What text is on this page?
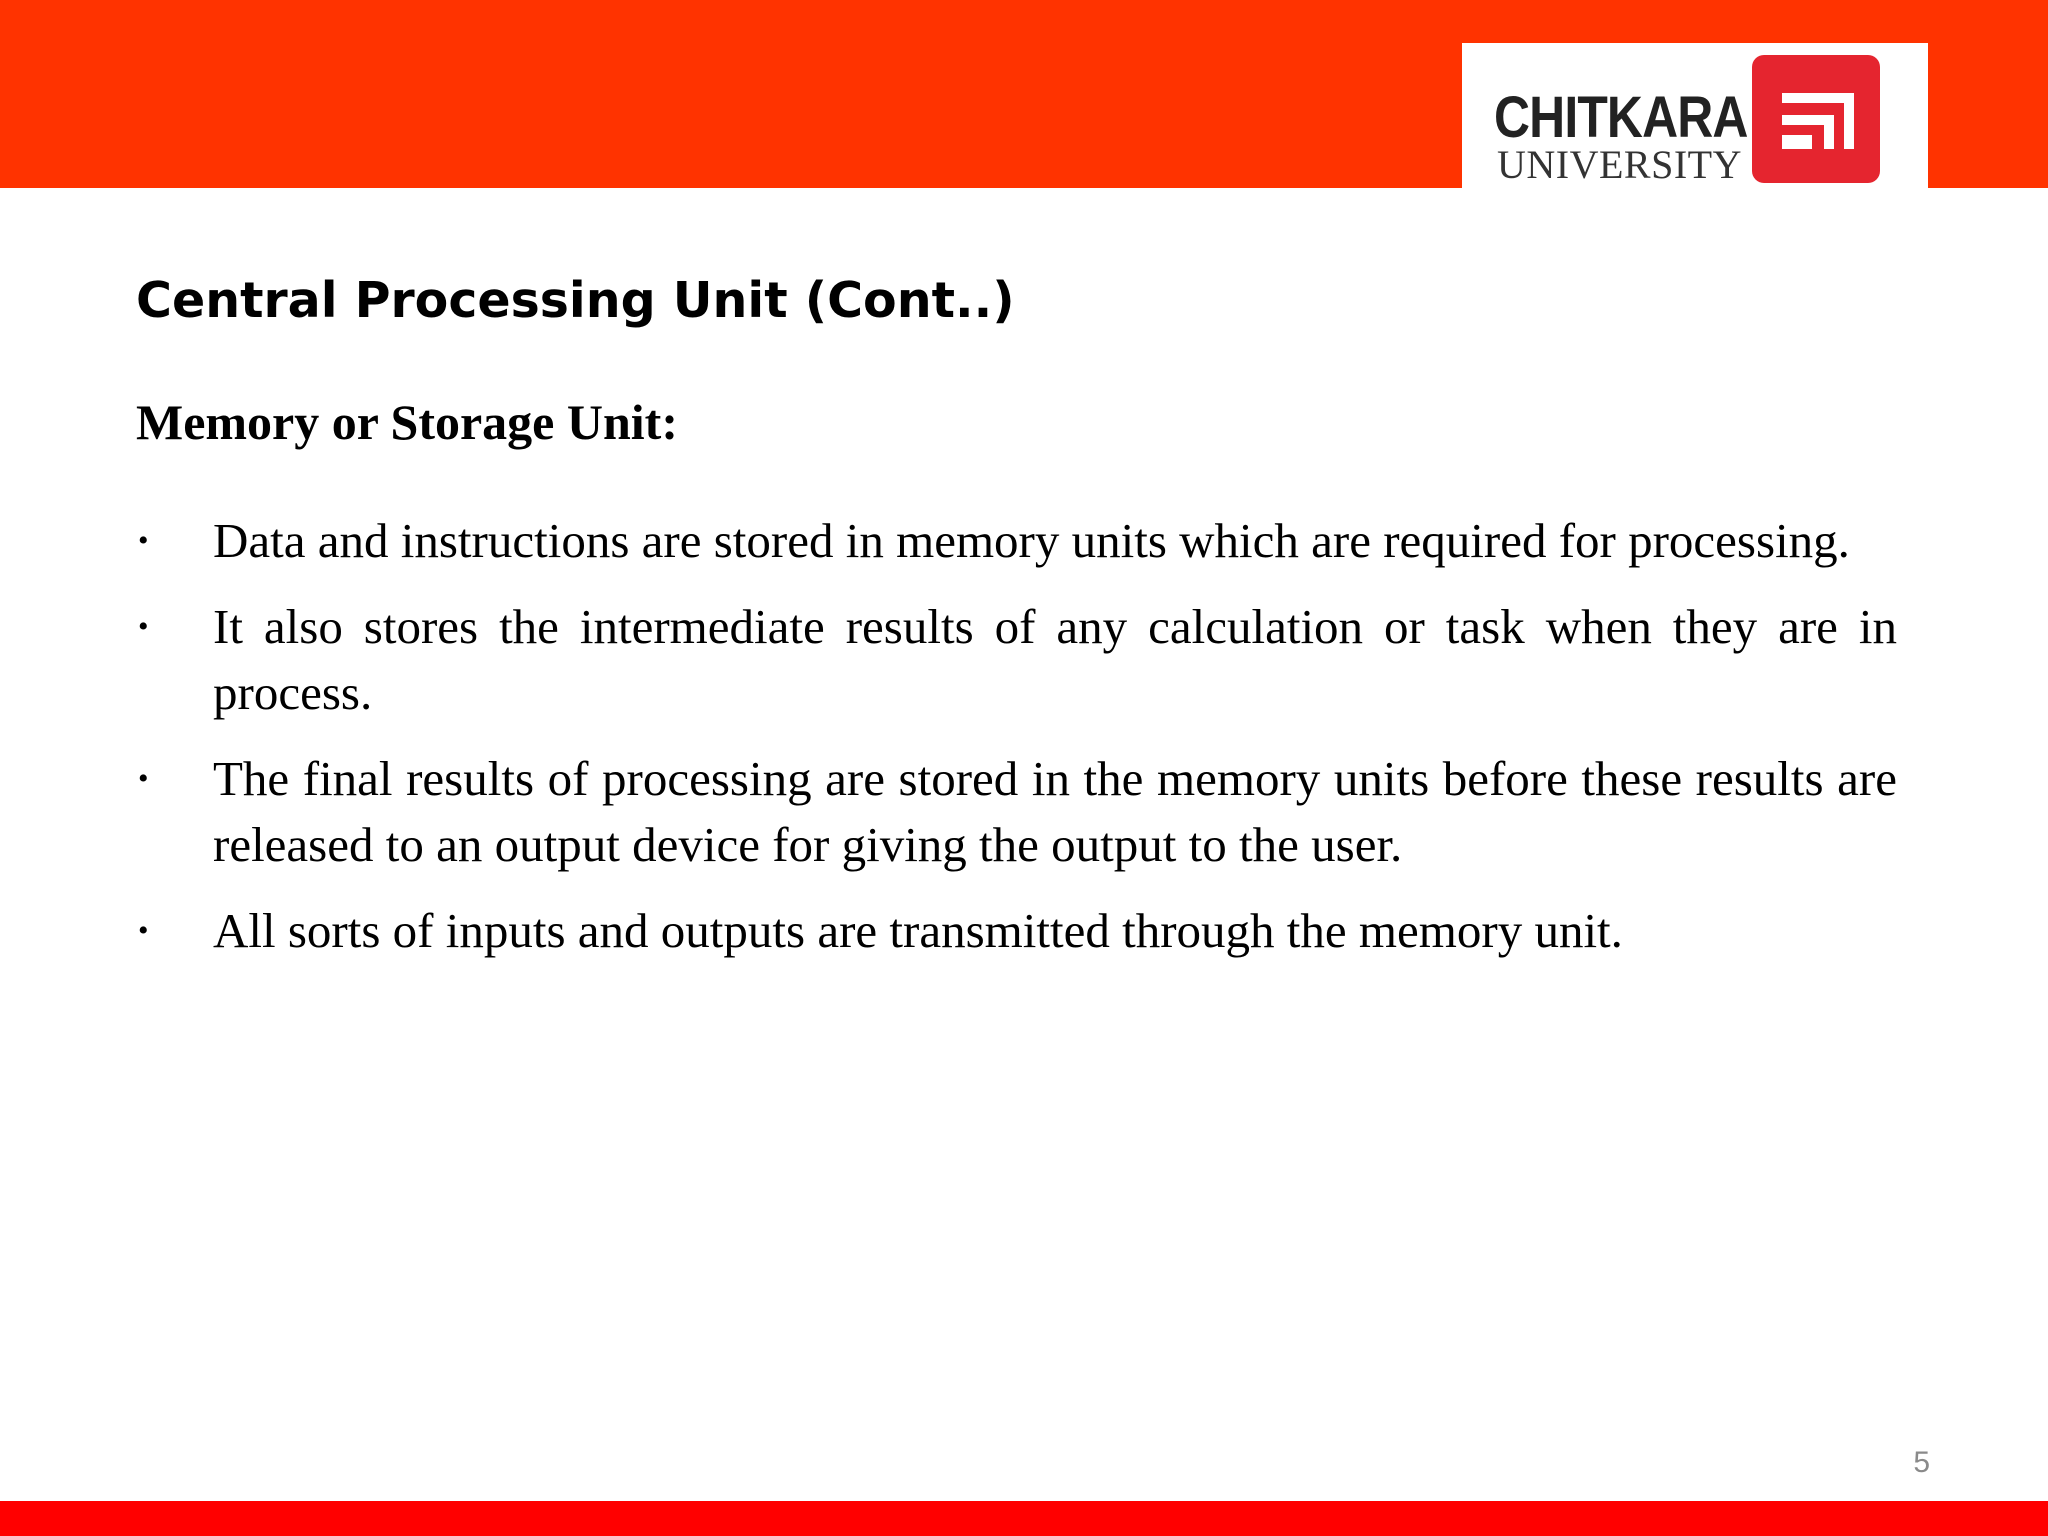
CHITKARA
UNIVERSITY
Central Processing Unit (Cont..)
Memory or Storage Unit:
• Data and instructions are stored in memory units which are required for processing.
• It also stores the intermediate results of any calculation or task when they are in process.
• The final results of processing are stored in the memory units before these results are released to an output device for giving the output to the user.
• All sorts of inputs and outputs are transmitted through the memory unit.
5
